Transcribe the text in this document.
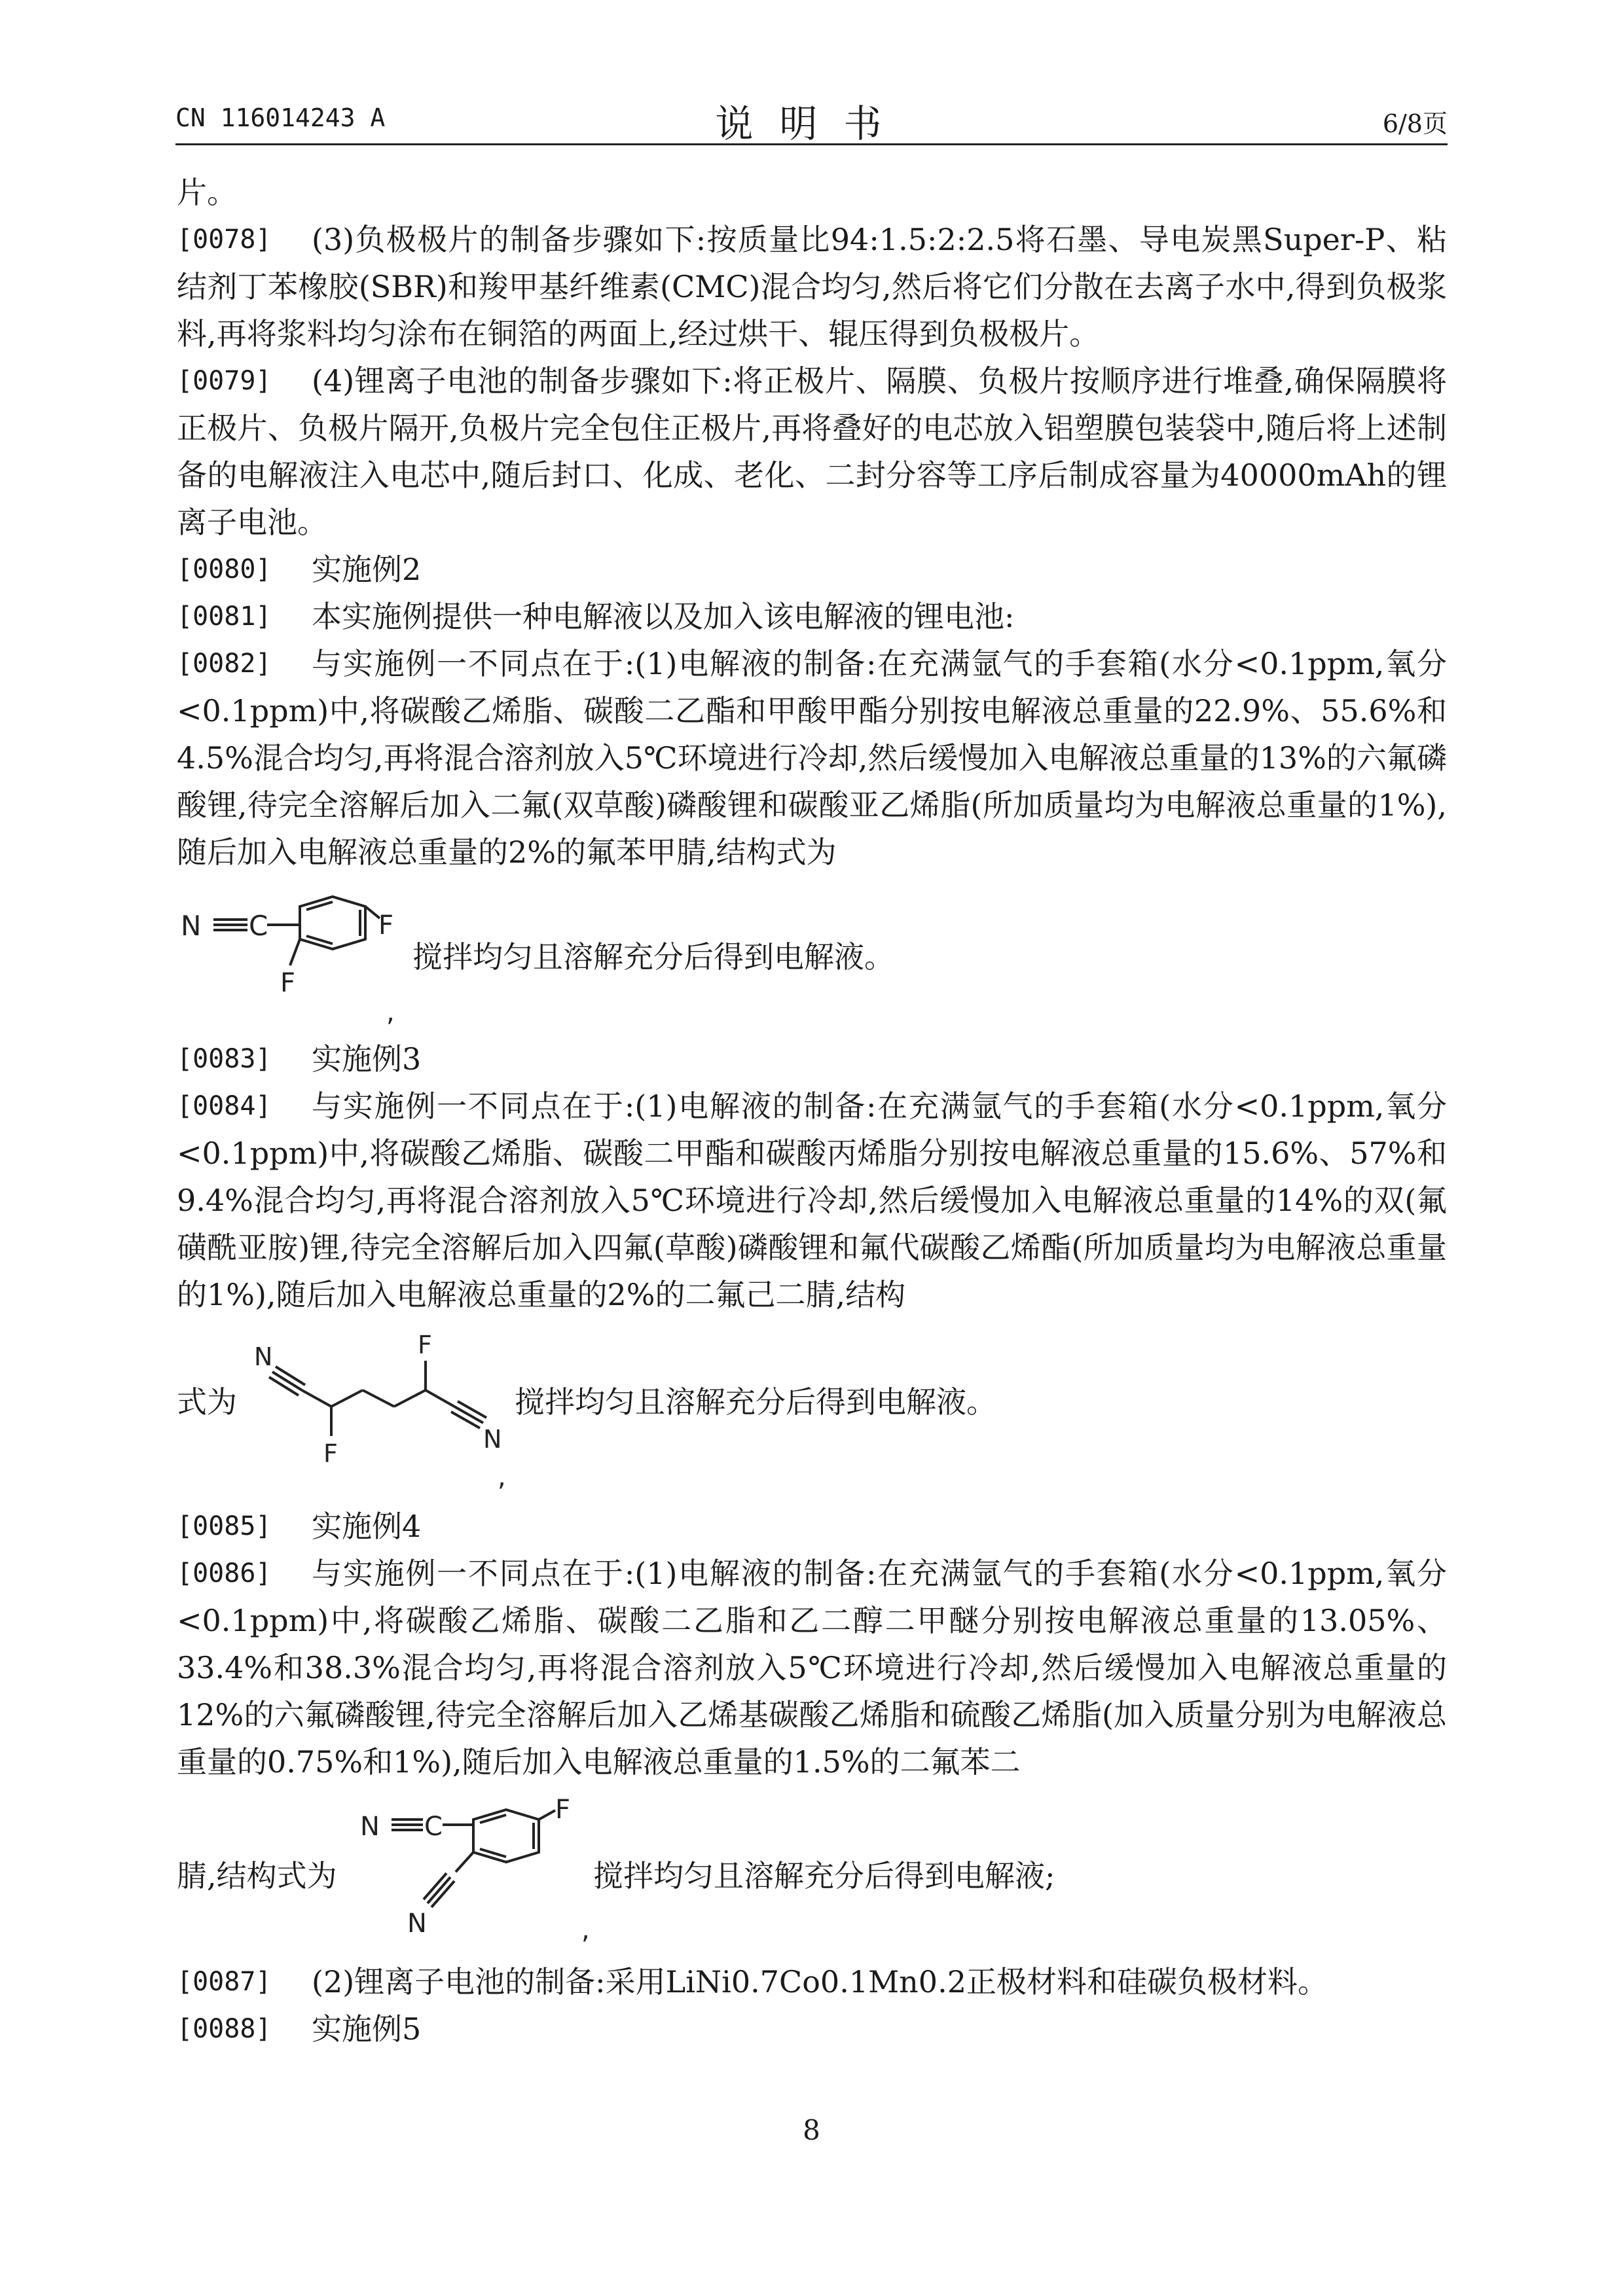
CN 116014243 A	说明书	6/8页
片。
[0078]	(3)负极极片的制备步骤如下:按质量比94:1.5:2:2.5将石墨、导电炭黑Super-P、粘结剂丁苯橡胶(SBR)和羧甲基纤维素(CMC)混合均匀,然后将它们分散在去离子水中,得到负极浆料,再将浆料均匀涂布在铜箔的两面上,经过烘干、辊压得到负极极片。
[0079]	(4)锂离子电池的制备步骤如下:将正极片、隔膜、负极片按顺序进行堆叠,确保隔膜将正极片、负极片隔开,负极片完全包住正极片,再将叠好的电芯放入铝塑膜包装袋中,随后将上述制备的电解液注入电芯中,随后封口、化成、老化、二封分容等工序后制成容量为40000mAh的锂离子电池。
[0080]	实施例2
[0081]	本实施例提供一种电解液以及加入该电解液的锂电池:
[0082]	与实施例一不同点在于:(1)电解液的制备:在充满氩气的手套箱(水分<0.1ppm,氧分<0.1ppm)中,将碳酸乙烯脂、碳酸二乙酯和甲酸甲酯分别按电解液总重量的22.9%、55.6%和4.5%混合均匀,再将混合溶剂放入5℃环境进行冷却,然后缓慢加入电解液总重量的13%的六氟磷酸锂,待完全溶解后加入二氟(双草酸)磷酸锂和碳酸亚乙烯脂(所加质量均为电解液总重量的1%),随后加入电解液总重量的2%的氟苯甲腈,结构式为
N C	F
F
,
搅拌均匀且溶解充分后得到电解液。
[0083]	实施例3
[0084]	与实施例一不同点在于:(1)电解液的制备:在充满氩气的手套箱(水分<0.1ppm,氧分<0.1ppm)中,将碳酸乙烯脂、碳酸二甲酯和碳酸丙烯脂分别按电解液总重量的15.6%、57%和9.4%混合均匀,再将混合溶剂放入5℃环境进行冷却,然后缓慢加入电解液总重量的14%的双(氟磺酰亚胺)锂,待完全溶解后加入四氟(草酸)磷酸锂和氟代碳酸乙烯酯(所加质量均为电解液总重量的1%),随后加入电解液总重量的2%的二氟己二腈,结构
式为
N	F
F	N
,
搅拌均匀且溶解充分后得到电解液。
[0085]	实施例4
[0086]	与实施例一不同点在于:(1)电解液的制备:在充满氩气的手套箱(水分<0.1ppm,氧分<0.1ppm)中,将碳酸乙烯脂、碳酸二乙脂和乙二醇二甲醚分别按电解液总重量的13.05%、33.4%和38.3%混合均匀,再将混合溶剂放入5℃环境进行冷却,然后缓慢加入电解液总重量的12%的六氟磷酸锂,待完全溶解后加入乙烯基碳酸乙烯脂和硫酸乙烯脂(加入质量分别为电解液总重量的0.75%和1%),随后加入电解液总重量的1.5%的二氟苯二
腈,结构式为
N C
F
N	,
搅拌均匀且溶解充分后得到电解液;
[0087]	(2)锂离子电池的制备:采用LiNi0.7Co0.1Mn0.2正极材料和硅碳负极材料。
[0088]	实施例5
8
